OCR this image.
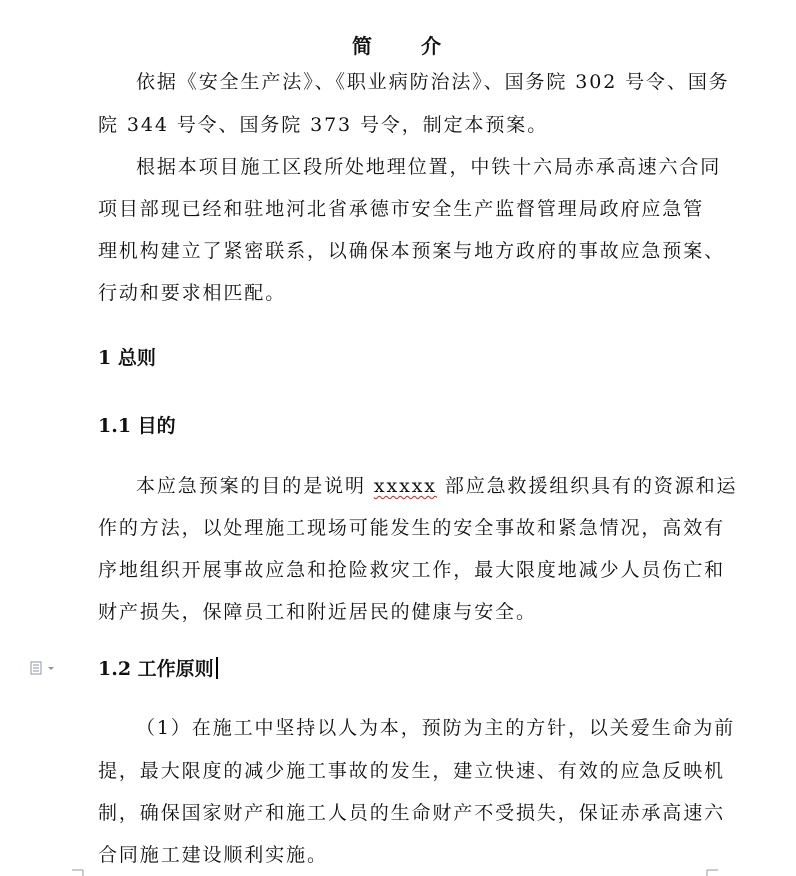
简　　介
依据《安全生产法》、《职业病防治法》、国务院 302 号令、国务
院 344 号令、国务院 373 号令，制定本预案。
根据本项目施工区段所处地理位置，中铁十六局赤承高速六合同
项目部现已经和驻地河北省承德市安全生产监督管理局政府应急管
理机构建立了紧密联系，以确保本预案与地方政府的事故应急预案、
行动和要求相匹配。
1 总则
1.1 目的
本应急预案的目的是说明 xxxxx 部应急救援组织具有的资源和运
作的方法，以处理施工现场可能发生的安全事故和紧急情况，高效有
序地组织开展事故应急和抢险救灾工作，最大限度地减少人员伤亡和
财产损失，保障员工和附近居民的健康与安全。
1.2 工作原则
（1）在施工中坚持以人为本，预防为主的方针，以关爱生命为前
提，最大限度的减少施工事故的发生，建立快速、有效的应急反映机
制，确保国家财产和施工人员的生命财产不受损失，保证赤承高速六
合同施工建设顺利实施。
